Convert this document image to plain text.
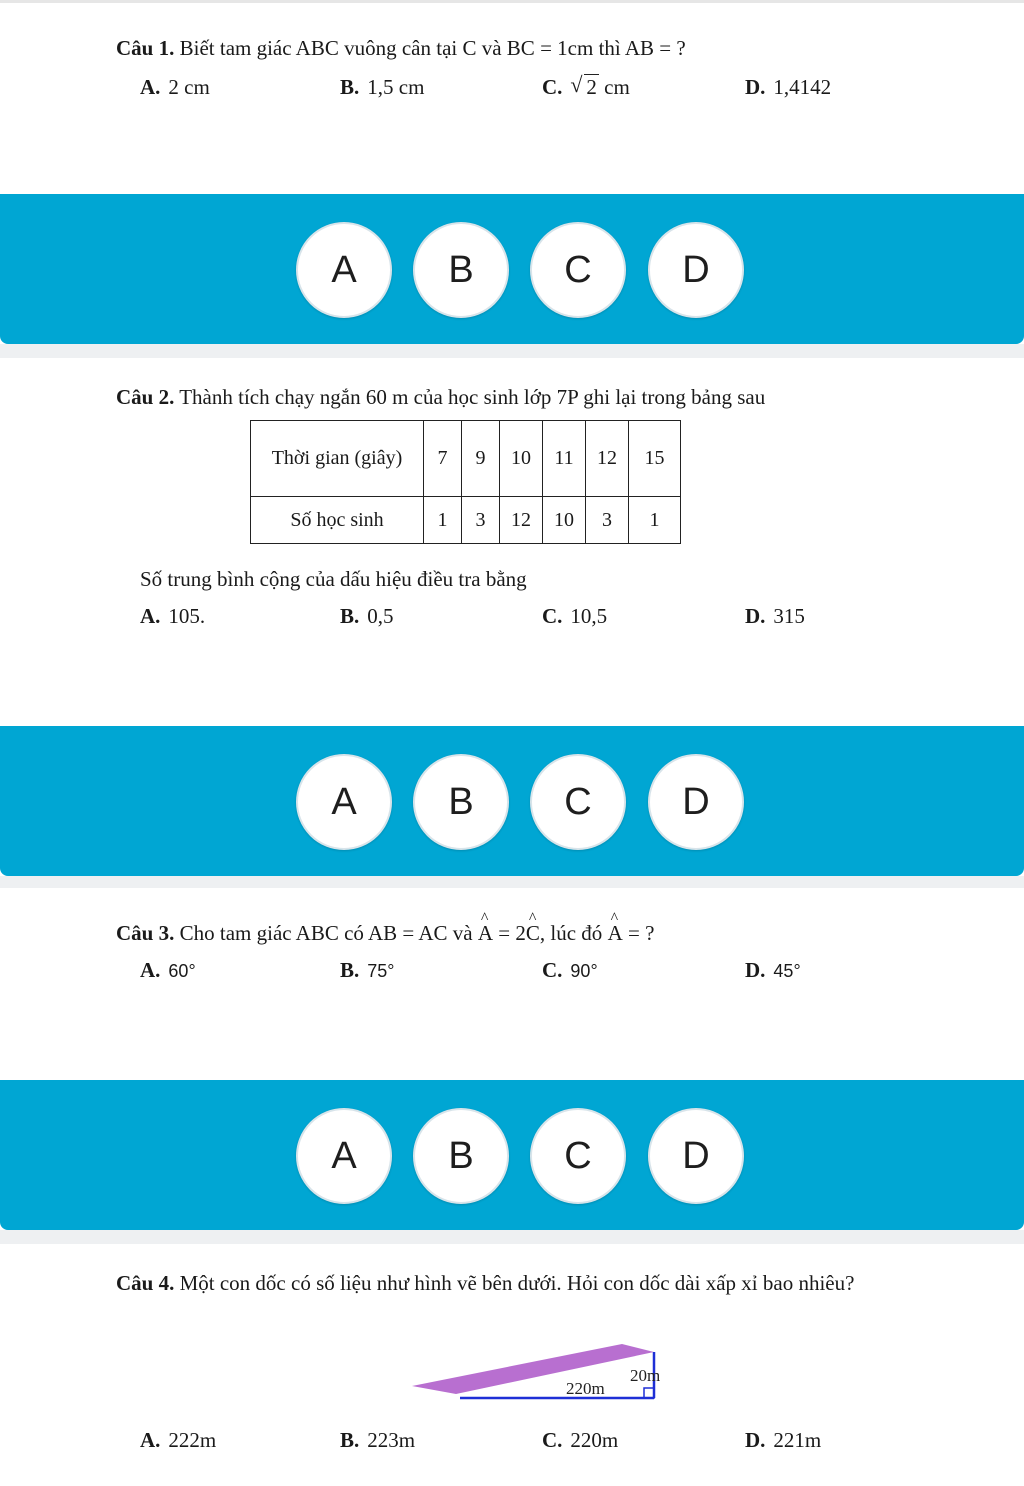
Câu 1. Biết tam giác ABC vuông cân tại C và BC = 1cm thì AB = ?
A. 2 cm	B. 1,5 cm	C. √ 2 cm	D. 1,4142
A	B	C	D
Câu 2. Thành tích chạy ngắn 60 m của học sinh lớp 7P ghi lại trong bảng sau
Thời gian (giây)	7	9	10	11	12	15
Số học sinh	1	3	12	10	3	1
Số trung bình cộng của dấu hiệu điều tra bằng
A. 105.	B. 0,5	C. 10,5	D. 315
A	B	C	D
Câu 3. Cho tam giác ABC có AB = AC và ^ A = 2^ C, lúc đó ^ A = ?
A. 60°	B. 75°	C. 90°	D. 45°
A	B	C	D
Câu 4. Một con dốc có số liệu như hình vẽ bên dưới. Hỏi con dốc dài xấp xỉ bao nhiêu?
220m
20m
A. 222m	B. 223m	C. 220m	D. 221m
